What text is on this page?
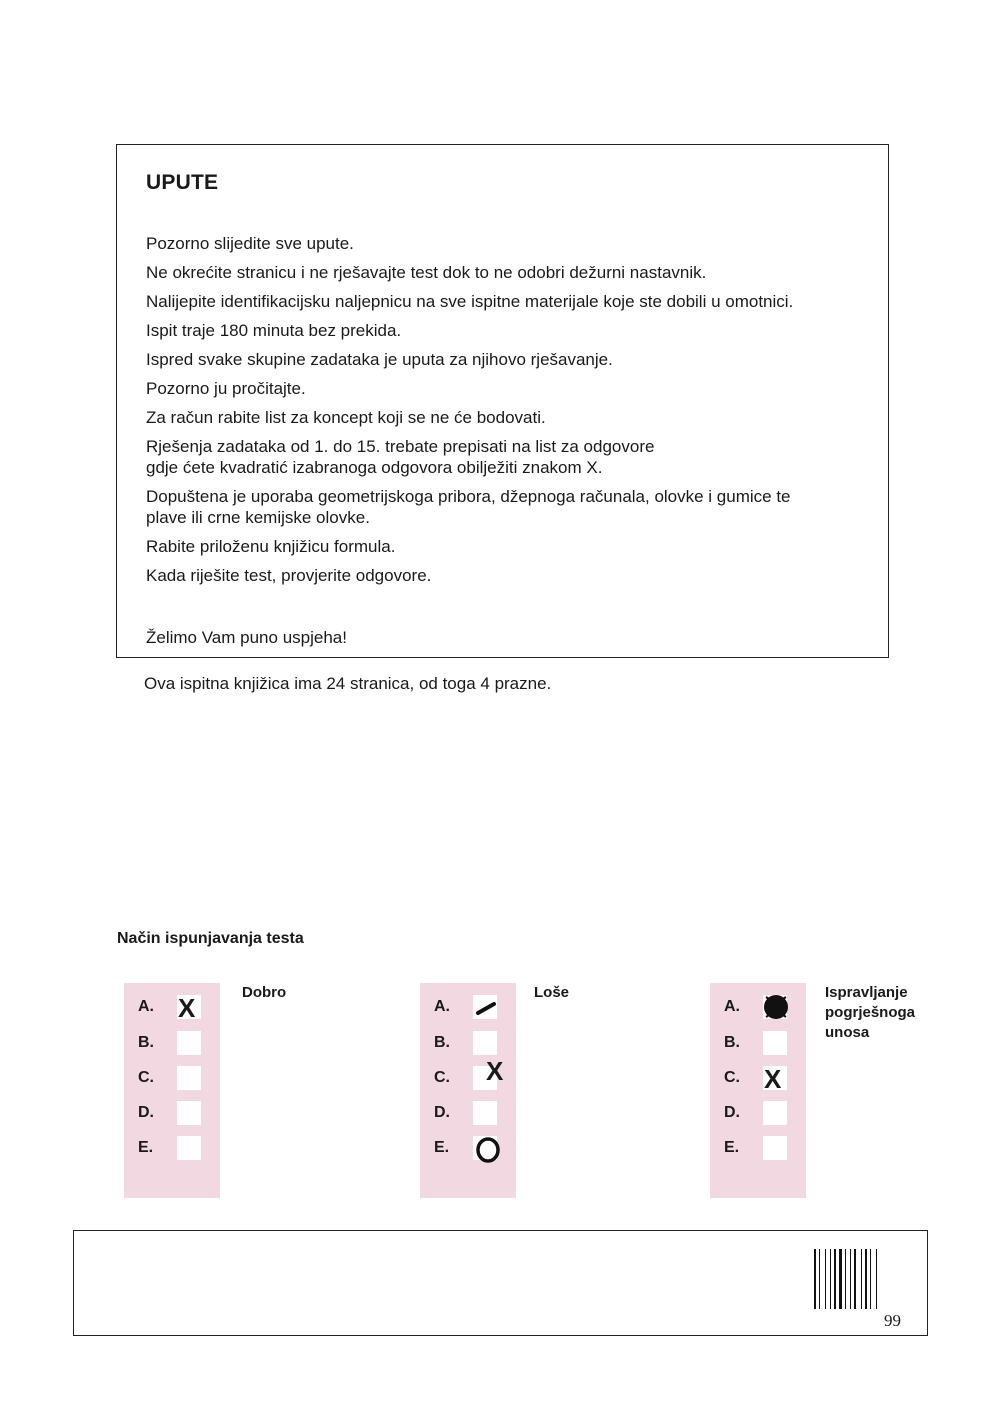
UPUTE
Pozorno slijedite sve upute.
Ne okrećite stranicu i ne rješavajte test dok to ne odobri dežurni nastavnik.
Nalijepite identifikacijsku naljepnicu na sve ispitne materijale koje ste dobili u omotnici.
Ispit traje 180 minuta bez prekida.
Ispred svake skupine zadataka je uputa za njihovo rješavanje.
Pozorno ju pročitajte.
Za račun rabite list za koncept koji se ne će bodovati.
Rješenja zadataka od 1. do 15. trebate prepisati na list za odgovore
gdje ćete kvadratić izabranoga odgovora obilježiti znakom X.
Dopuštena je uporaba geometrijskoga pribora, džepnoga računala, olovke i gumice te
plave ili crne kemijske olovke.
Rabite priloženu knjižicu formula.
Kada riješite test, provjerite odgovore.
Želimo Vam puno uspjeha!
Ova ispitna knjižica ima 24 stranica, od toga 4 prazne.
Način ispunjavanja testa
A. X
B.
C.
D.
E.
Dobro
A.
B.
C. X
D.
E.
Loše
A.
B.
C. X
D.
E.
Ispravljanje
pogrješnoga
unosa
99
